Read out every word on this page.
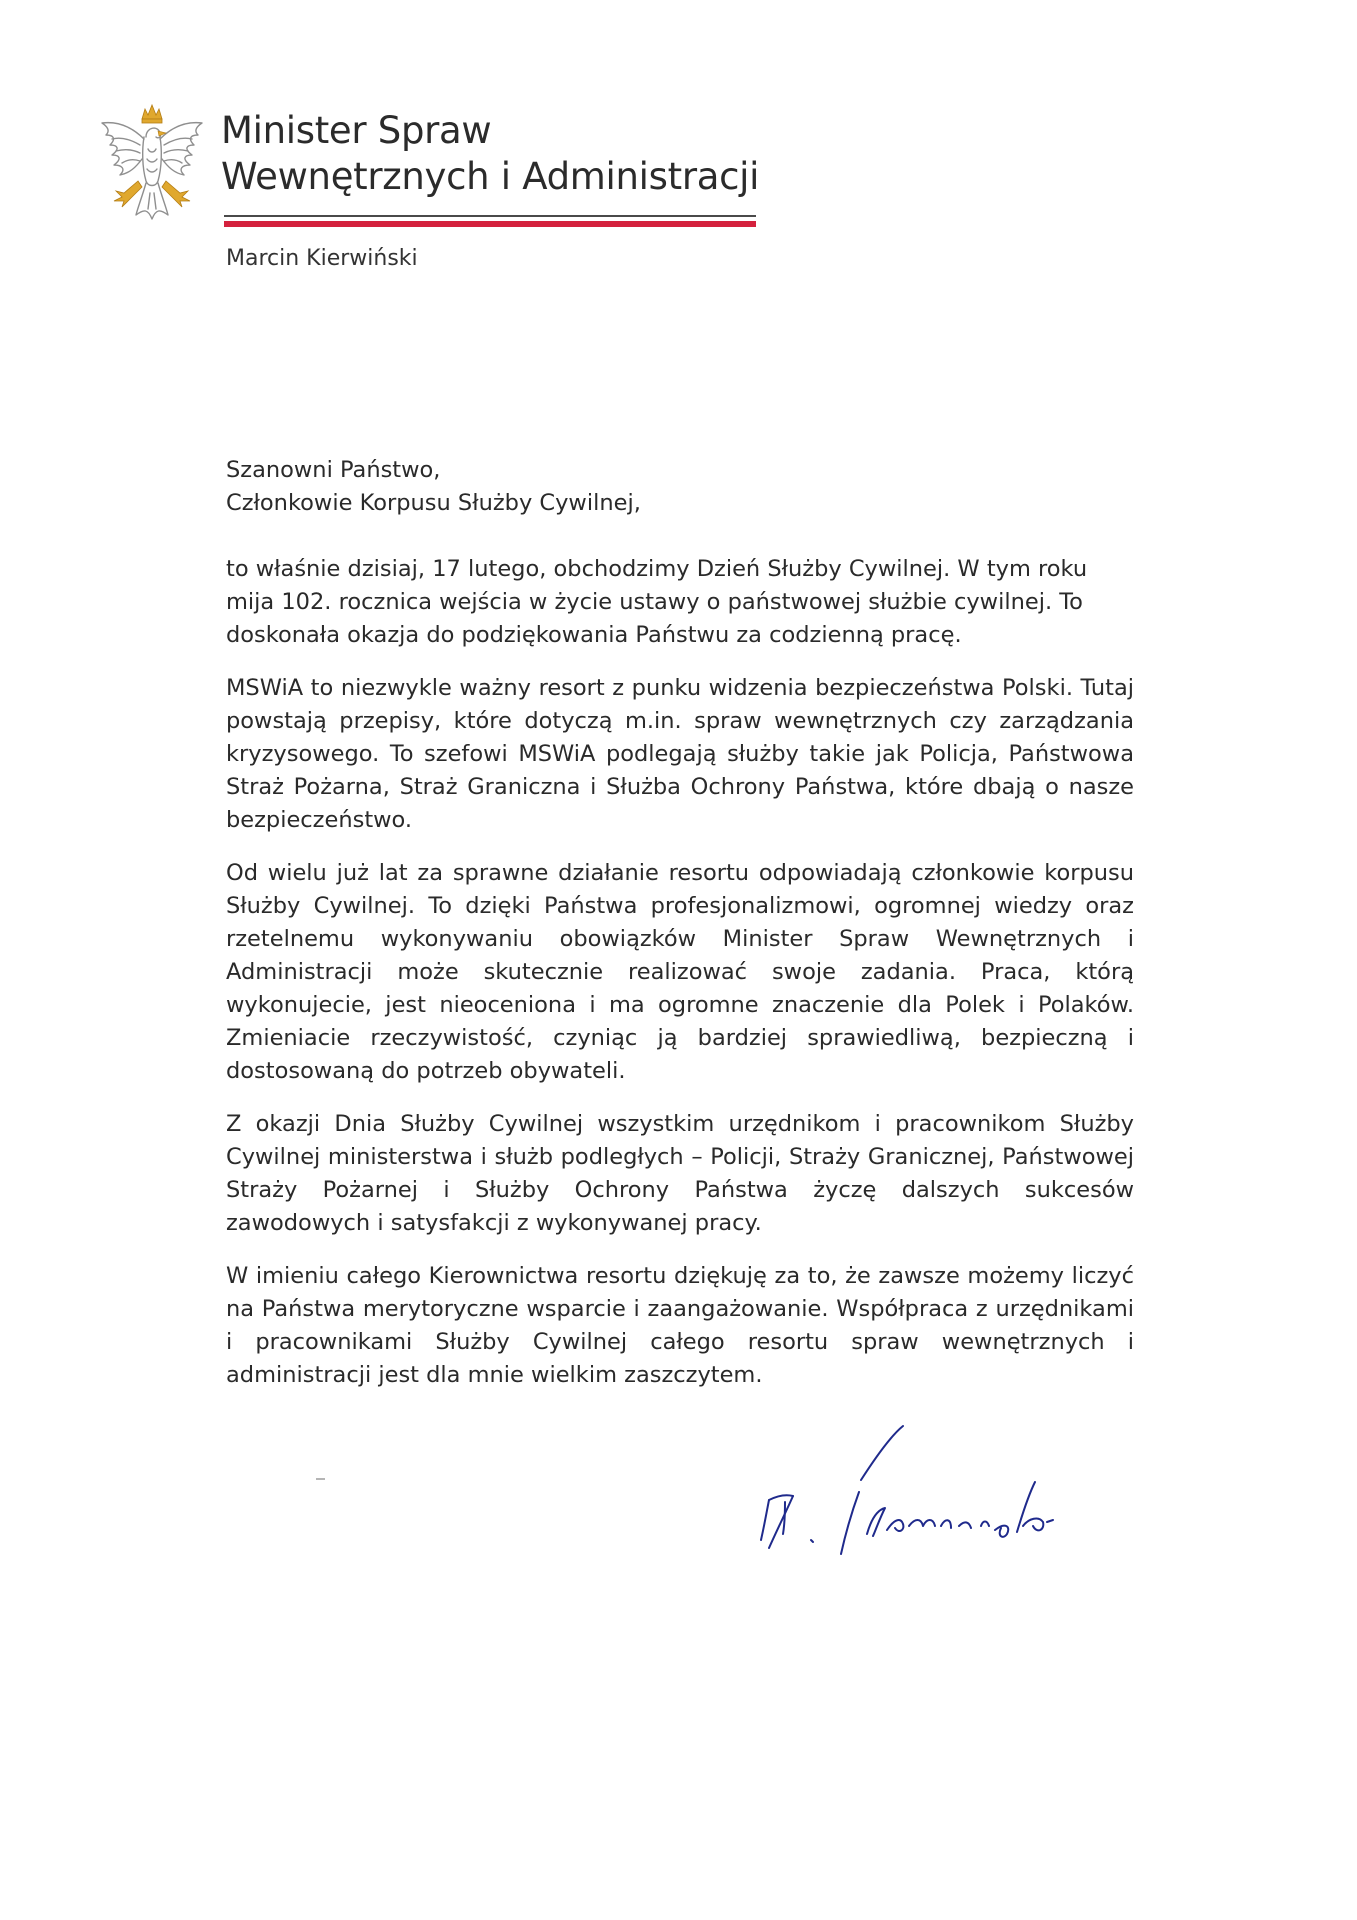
Minister Spraw
Wewnętrznych i Administracji
Marcin Kierwiński

Szanowni Państwo,

Członkowie Korpusu Służby Cywilnej,

to właśnie dzisiaj, 17 lutego, obchodzimy Dzień Służby Cywilnej. W tym roku mija 102. rocznica wejścia w życie ustawy o państwowej służbie cywilnej. To doskonała okazja do podziękowania Państwu za codzienną pracę.

MSWiA to niezwykle ważny resort z punku widzenia bezpieczeństwa Polski. Tutaj powstają przepisy, które dotyczą m.in. spraw wewnętrznych czy zarządzania kryzysowego. To szefowi MSWiA podlegają służby takie jak Policja, Państwowa Straż Pożarna, Straż Graniczna i Służba Ochrony Państwa, które dbają o nasze bezpieczeństwo.

Od wielu już lat za sprawne działanie resortu odpowiadają członkowie korpusu Służby Cywilnej. To dzięki Państwa profesjonalizmowi, ogromnej wiedzy oraz rzetelnemu wykonywaniu obowiązków Minister Spraw Wewnętrznych i Administracji może skutecznie realizować swoje zadania. Praca, którą wykonujecie, jest nieoceniona i ma ogromne znaczenie dla Polek i Polaków. Zmieniacie rzeczywistość, czyniąc ją bardziej sprawiedliwą, bezpieczną i dostosowaną do potrzeb obywateli.

Z okazji Dnia Służby Cywilnej wszystkim urzędnikom i pracownikom Służby Cywilnej ministerstwa i służb podległych – Policji, Straży Granicznej, Państwowej Straży Pożarnej i Służby Ochrony Państwa życzę dalszych sukcesów zawodowych i satysfakcji z wykonywanej pracy.

W imieniu całego Kierownictwa resortu dziękuję za to, że zawsze możemy liczyć na Państwa merytoryczne wsparcie i zaangażowanie. Współpraca z urzędnikami i pracownikami Służby Cywilnej całego resortu spraw wewnętrznych i administracji jest dla mnie wielkim zaszczytem.
